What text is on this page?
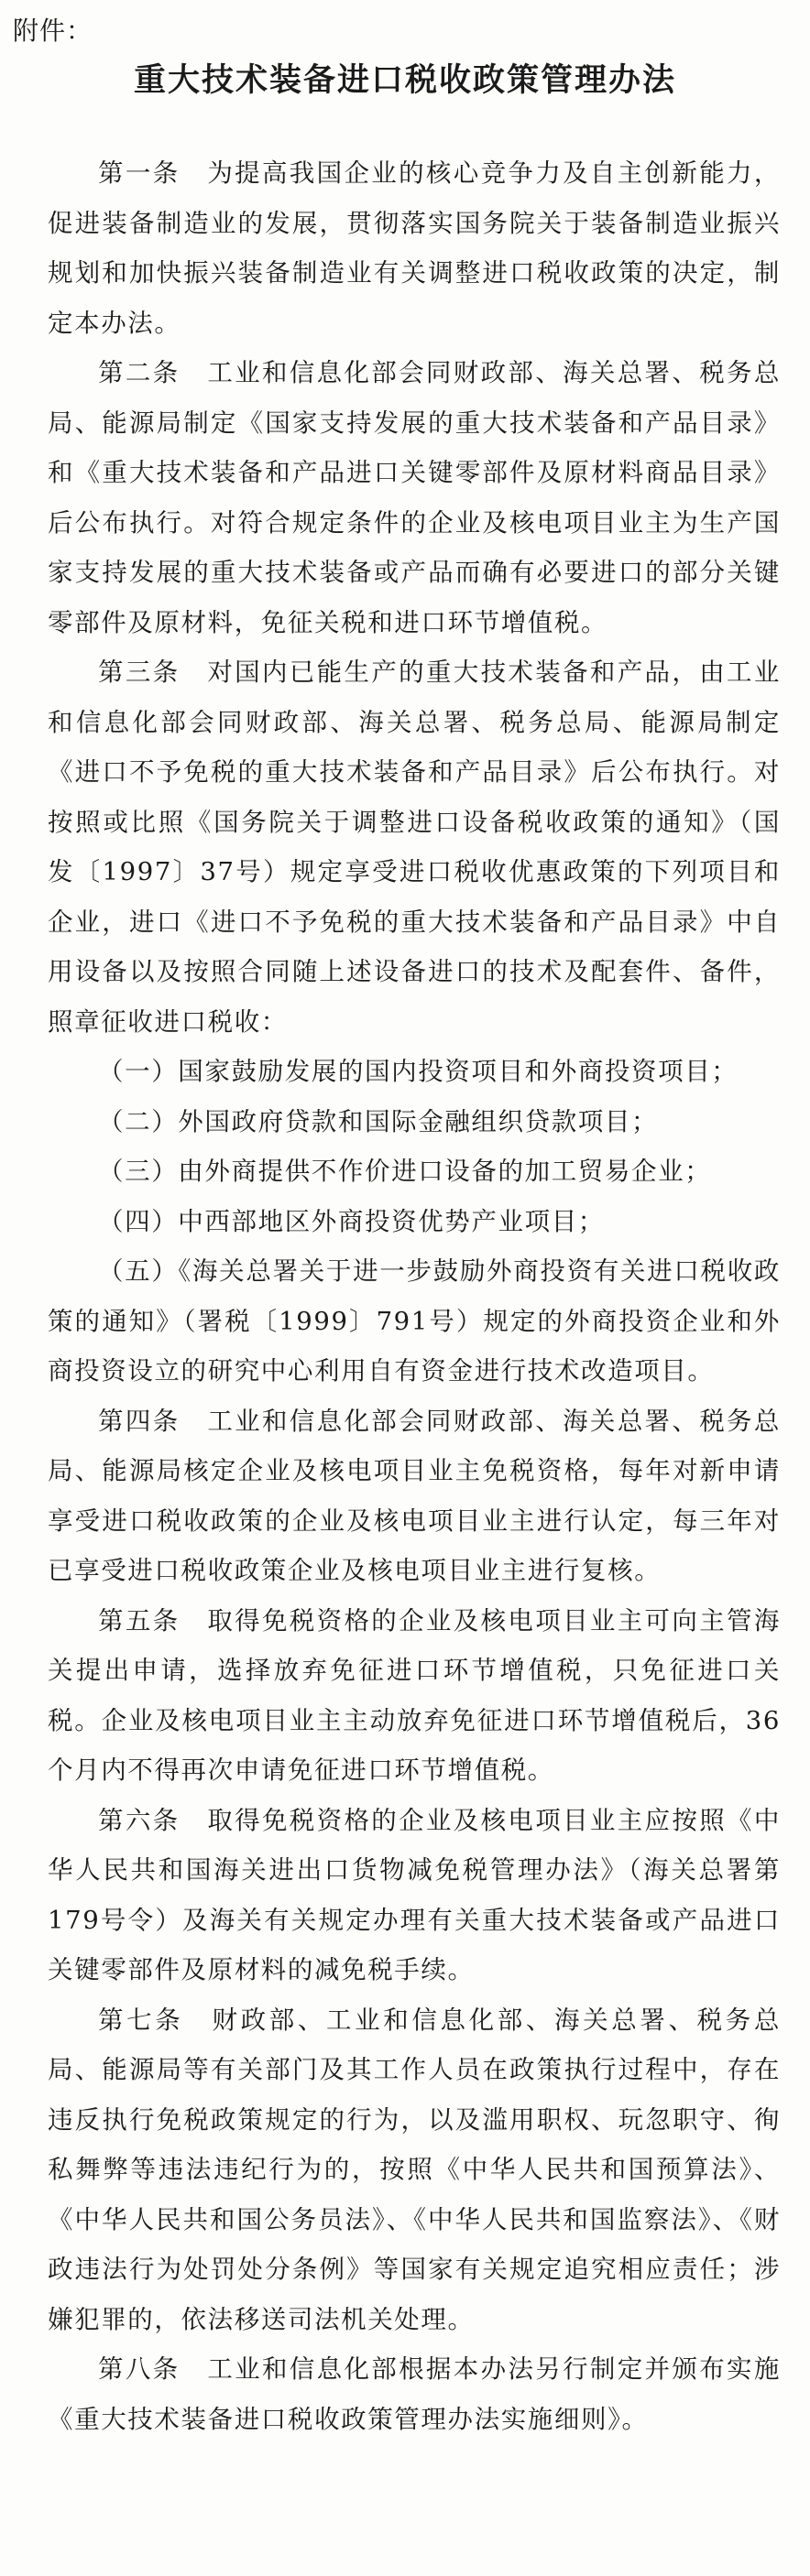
附件：
重大技术装备进口税收政策管理办法

第一条　 为提高我国企业的核心竞争力及自主创新能力，促进装备制造业的发展，贯彻落实国务院关于装备制造业振兴规划和加快振兴装备制造业有关调整进口税收政策的决定，制定本办法。

第二条　 工业和信息化部会同财政部、海关总署、税务总局、能源局制定《国家支持发展的重大技术装备和产品目录》和《重大技术装备和产品进口关键零部件及原材料商品目录》后公布执行。对符合规定条件的企业及核电项目业主为生产国家支持发展的重大技术装备或产品而确有必要进口的部分关键零部件及原材料，免征关税和进口环节增值税。

第三条　 对国内已能生产的重大技术装备和产品，由工业和信息化部会同财政部、海关总署、税务总局、能源局制定《进口不予免税的重大技术装备和产品目录》后公布执行。对按照或比照《国务院关于调整进口设备税收政策的通知》（国发〔1997〕37号）规定享受进口税收优惠政策的下列项目和企业，进口《进口不予免税的重大技术装备和产品目录》中自用设备以及按照合同随上述设备进口的技术及配套件、备件，照章征收进口税收：

（一）国家鼓励发展的国内投资项目和外商投资项目；

（二）外国政府贷款和国际金融组织贷款项目；

（三）由外商提供不作价进口设备的加工贸易企业；

（四）中西部地区外商投资优势产业项目；

（五）《海关总署关于进一步鼓励外商投资有关进口税收政策的通知》（署税〔1999〕791号）规定的外商投资企业和外商投资设立的研究中心利用自有资金进行技术改造项目。

第四条　 工业和信息化部会同财政部、海关总署、税务总局、能源局核定企业及核电项目业主免税资格，每年对新申请享受进口税收政策的企业及核电项目业主进行认定，每三年对已享受进口税收政策企业及核电项目业主进行复核。

第五条　 取得免税资格的企业及核电项目业主可向主管海关提出申请，选择放弃免征进口环节增值税，只免征进口关税。企业及核电项目业主主动放弃免征进口环节增值税后，36个月内不得再次申请免征进口环节增值税。

第六条　 取得免税资格的企业及核电项目业主应按照《中华人民共和国海关进出口货物减免税管理办法》（海关总署第179号令）及海关有关规定办理有关重大技术装备或产品进口关键零部件及原材料的减免税手续。

第七条　 财政部、工业和信息化部、海关总署、税务总局、能源局等有关部门及其工作人员在政策执行过程中，存在违反执行免税政策规定的行为，以及滥用职权、玩忽职守、徇私舞弊等违法违纪行为的，按照《中华人民共和国预算法》、《中华人民共和国公务员法》、《中华人民共和国监察法》、《财政违法行为处罚处分条例》等国家有关规定追究相应责任；涉嫌犯罪的，依法移送司法机关处理。

第八条　 工业和信息化部根据本办法另行制定并颁布实施《重大技术装备进口税收政策管理办法实施细则》。
